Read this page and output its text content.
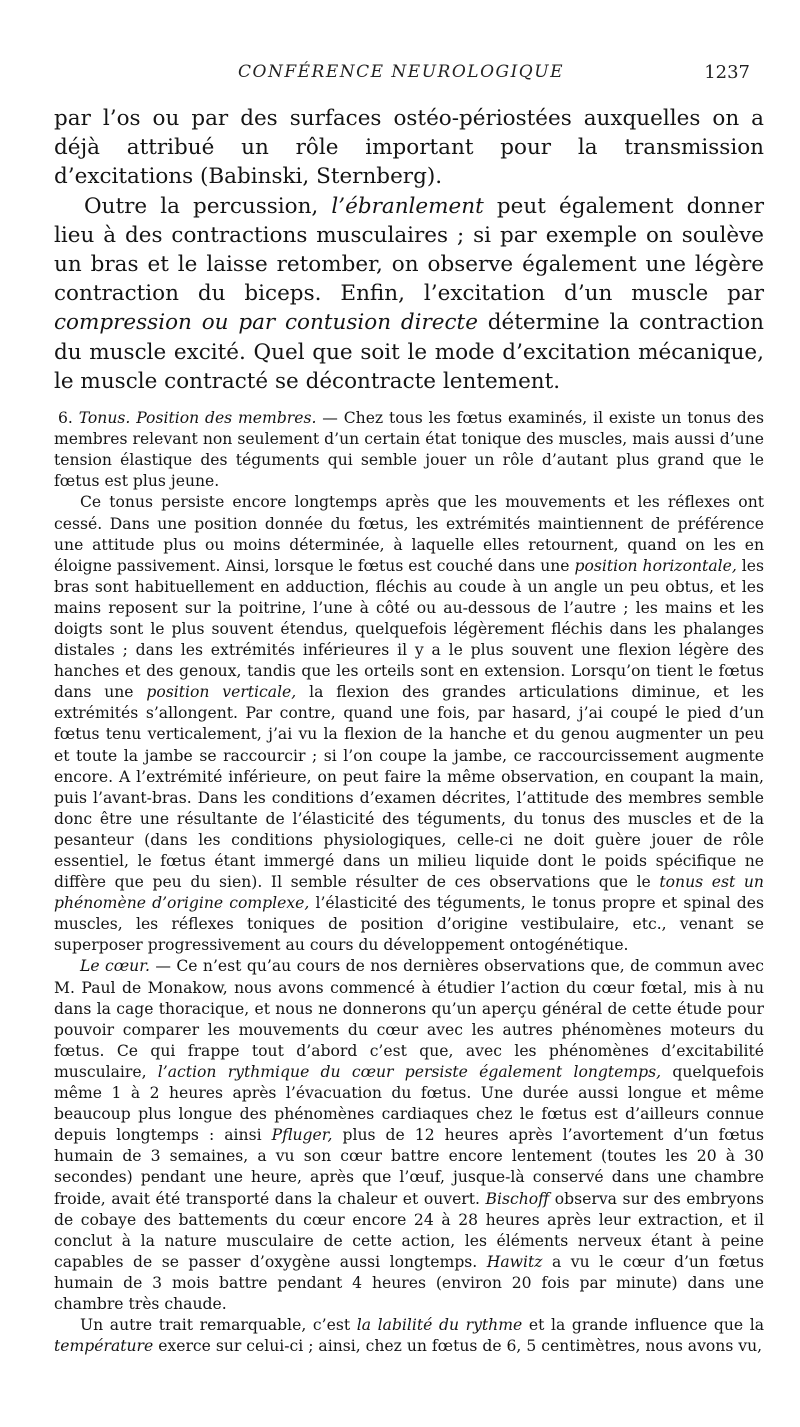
CONFÉRENCE NEUROLOGIQUE	1237

par l’os ou par des surfaces ostéo-périostées auxquelles on a déjà attribué un rôle important pour la transmission d’excitations (Babinski, Sternberg).

Outre la percussion, l’ébranlement peut également donner lieu à des contractions musculaires ; si par exemple on soulève un bras et le laisse retomber, on observe également une légère contraction du biceps. Enfin, l’excitation d’un muscle par compression ou par contusion directe détermine la contraction du muscle excité. Quel que soit le mode d’excitation mécanique, le muscle contracté se décontracte lentement.

6. Tonus. Position des membres. — Chez tous les fœtus examinés, il existe un tonus des membres relevant non seulement d’un certain état tonique des muscles, mais aussi d’une tension élastique des téguments qui semble jouer un rôle d’autant plus grand que le fœtus est plus jeune.

Ce tonus persiste encore longtemps après que les mouvements et les réflexes ont cessé. Dans une position donnée du fœtus, les extrémités maintiennent de préférence une attitude plus ou moins déterminée, à laquelle elles retournent, quand on les en éloigne passivement. Ainsi, lorsque le fœtus est couché dans une position horizontale, les bras sont habituellement en adduction, fléchis au coude à un angle un peu obtus, et les mains reposent sur la poitrine, l’une à côté ou au-dessous de l’autre ; les mains et les doigts sont le plus souvent étendus, quelquefois légèrement fléchis dans les phalanges distales ; dans les extrémités inférieures il y a le plus souvent une flexion légère des hanches et des genoux, tandis que les orteils sont en extension. Lorsqu’on tient le fœtus dans une position verticale, la flexion des grandes articulations diminue, et les extrémités s’allongent. Par contre, quand une fois, par hasard, j’ai coupé le pied d’un fœtus tenu verticalement, j’ai vu la flexion de la hanche et du genou augmenter un peu et toute la jambe se raccourcir ; si l’on coupe la jambe, ce raccourcissement augmente encore. A l’extrémité inférieure, on peut faire la même observation, en coupant la main, puis l’avant-bras. Dans les conditions d’examen décrites, l’attitude des membres semble donc être une résultante de l’élasticité des téguments, du tonus des muscles et de la pesanteur (dans les conditions physiologiques, celle-ci ne doit guère jouer de rôle essentiel, le fœtus étant immergé dans un milieu liquide dont le poids spécifique ne diffère que peu du sien). Il semble résulter de ces observations que le tonus est un phénomène d’origine complexe, l’élasticité des téguments, le tonus propre et spinal des muscles, les réflexes toniques de position d’origine vestibulaire, etc., venant se superposer progressivement au cours du développement ontogénétique.

Le cœur. — Ce n’est qu’au cours de nos dernières observations que, de commun avec M. Paul de Monakow, nous avons commencé à étudier l’action du cœur fœtal, mis à nu dans la cage thoracique, et nous ne donnerons qu’un aperçu général de cette étude pour pouvoir comparer les mouvements du cœur avec les autres phénomènes moteurs du fœtus. Ce qui frappe tout d’abord c’est que, avec les phénomènes d’excitabilité musculaire, l’action rythmique du cœur persiste également longtemps, quelquefois même 1 à 2 heures après l’évacuation du fœtus. Une durée aussi longue et même beaucoup plus longue des phénomènes cardiaques chez le fœtus est d’ailleurs connue depuis longtemps : ainsi Pfluger, plus de 12 heures après l’avortement d’un fœtus humain de 3 semaines, a vu son cœur battre encore lentement (toutes les 20 à 30 secondes) pendant une heure, après que l’œuf, jusque-là conservé dans une chambre froide, avait été transporté dans la chaleur et ouvert. Bischoff observa sur des embryons de cobaye des battements du cœur encore 24 à 28 heures après leur extraction, et il conclut à la nature musculaire de cette action, les éléments nerveux étant à peine capables de se passer d’oxygène aussi longtemps. Hawitz a vu le cœur d’un fœtus humain de 3 mois battre pendant 4 heures (environ 20 fois par minute) dans une chambre très chaude.

Un autre trait remarquable, c’est la labilité du rythme et la grande influence que la température exerce sur celui-ci ; ainsi, chez un fœtus de 6, 5 centimètres, nous avons vu,
